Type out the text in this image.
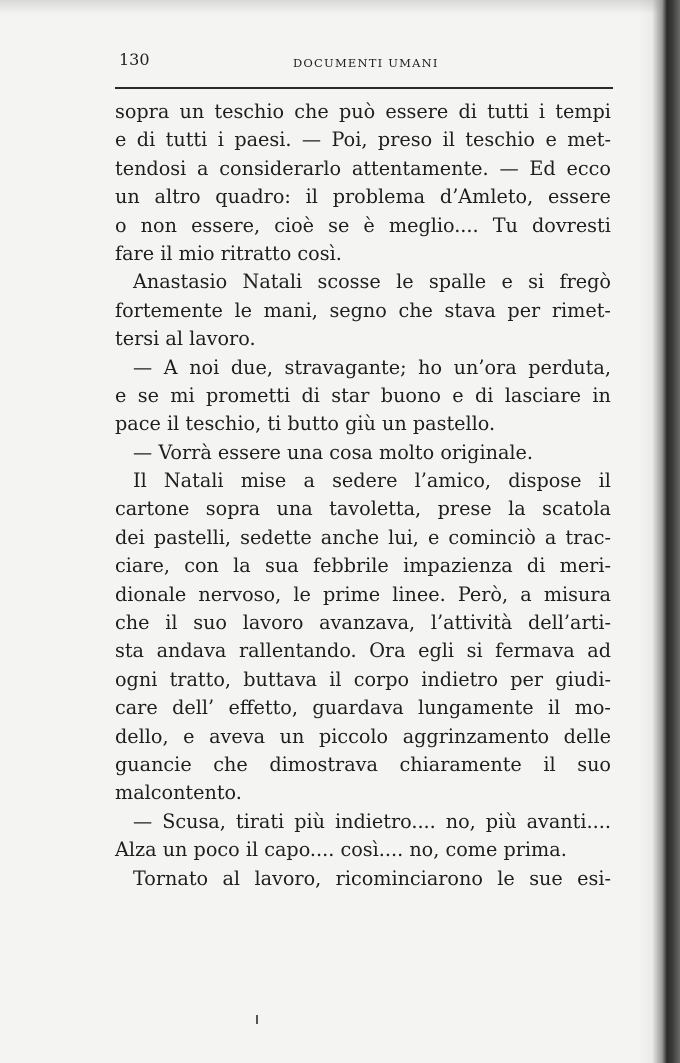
130	DOCUMENTI UMANI
sopra un teschio che può essere di tutti i tempi
e di tutti i paesi. — Poi, preso il teschio e met-
tendosi a considerarlo attentamente. — Ed ecco
un altro quadro: il problema d’Amleto, essere
o non essere, cioè se è meglio.... Tu dovresti
fare il mio ritratto così.
Anastasio Natali scosse le spalle e si fregò
fortemente le mani, segno che stava per rimet-
tersi al lavoro.
— A noi due, stravagante; ho un’ora perduta,
e se mi prometti di star buono e di lasciare in
pace il teschio, ti butto giù un pastello.
— Vorrà essere una cosa molto originale.
Il Natali mise a sedere l’amico, dispose il
cartone sopra una tavoletta, prese la scatola
dei pastelli, sedette anche lui, e cominciò a trac-
ciare, con la sua febbrile impazienza di meri-
dionale nervoso, le prime linee. Però, a misura
che il suo lavoro avanzava, l’attività dell’arti-
sta andava rallentando. Ora egli si fermava ad
ogni tratto, buttava il corpo indietro per giudi-
care dell’ effetto, guardava lungamente il mo-
dello, e aveva un piccolo aggrinzamento delle
guancie che dimostrava chiaramente il suo
malcontento.
— Scusa, tirati più indietro.... no, più avanti....
Alza un poco il capo.... così.... no, come prima.
Tornato al lavoro, ricominciarono le sue esi-
